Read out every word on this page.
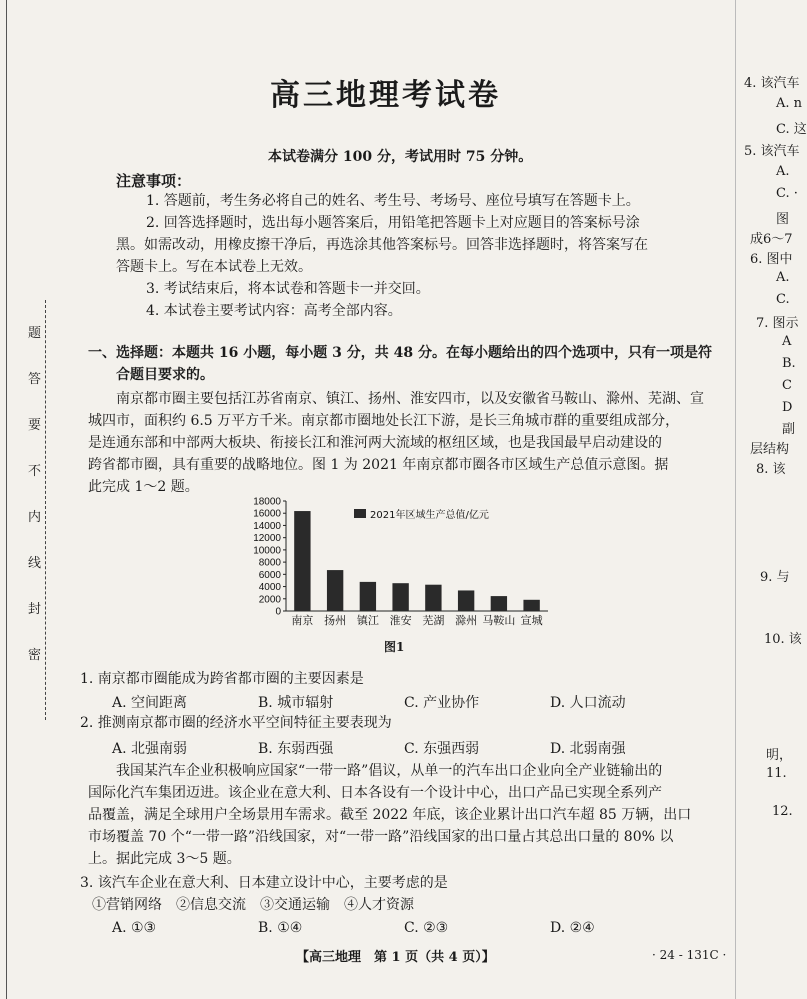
题
答
要
不
内
线
封
密
高三地理考试卷
本试卷满分 100 分，考试用时 75 分钟。
注意事项：
1. 答题前，考生务必将自己的姓名、考生号、考场号、座位号填写在答题卡上。
2. 回答选择题时，选出每小题答案后，用铅笔把答题卡上对应题目的答案标号涂
黑。如需改动，用橡皮擦干净后，再选涂其他答案标号。回答非选择题时，将答案写在
答题卡上。写在本试卷上无效。
3. 考试结束后，将本试卷和答题卡一并交回。
4. 本试卷主要考试内容：高考全部内容。
一、选择题：本题共 16 小题，每小题 3 分，共 48 分。在每小题给出的四个选项中，只有一项是符
合题目要求的。
南京都市圈主要包括江苏省南京、镇江、扬州、淮安四市，以及安徽省马鞍山、滁州、芜湖、宣
城四市，面积约 6.5 万平方千米。南京都市圈地处长江下游，是长三角城市群的重要组成部分，
是连通东部和中部两大板块、衔接长江和淮河两大流域的枢纽区域，也是我国最早启动建设的
跨省都市圈，具有重要的战略地位。图 1 为 2021 年南京都市圈各市区域生产总值示意图。据
此完成 1～2 题。
0
2000
4000
6000
8000
10000
12000
14000
16000
18000
南京 扬州 镇江 淮安 芜湖 滁州 马鞍山 宣城
2021年区域生产总值/亿元
图1
1. 南京都市圈能成为跨省都市圈的主要因素是
A. 空间距离	B. 城市辐射	C. 产业协作	D. 人口流动
2. 推测南京都市圈的经济水平空间特征主要表现为
A. 北强南弱	B. 东弱西强	C. 东强西弱	D. 北弱南强
我国某汽车企业积极响应国家“一带一路”倡议，从单一的汽车出口企业向全产业链输出的
国际化汽车集团迈进。该企业在意大利、日本各设有一个设计中心，出口产品已实现全系列产
品覆盖，满足全球用户全场景用车需求。截至 2022 年底，该企业累计出口汽车超 85 万辆，出口
市场覆盖 70 个“一带一路”沿线国家，对“一带一路”沿线国家的出口量占其总出口量的 80% 以
上。据此完成 3～5 题。
3. 该汽车企业在意大利、日本建立设计中心，主要考虑的是
①营销网络　②信息交流　③交通运输　④人才资源
A. ①③	B. ①④	C. ②③	D. ②④
【高三地理　第 1 页（共 4 页）】	· 24 - 131C ·
4. 该汽车
A. n
C. 这
5. 该汽车
A.
C. ·
图
成6～7
6. 图中
A.
C.
7. 图示
A
B.
C
D
副
层结构
8. 该
9. 与
10. 该
明，
11.
12.
